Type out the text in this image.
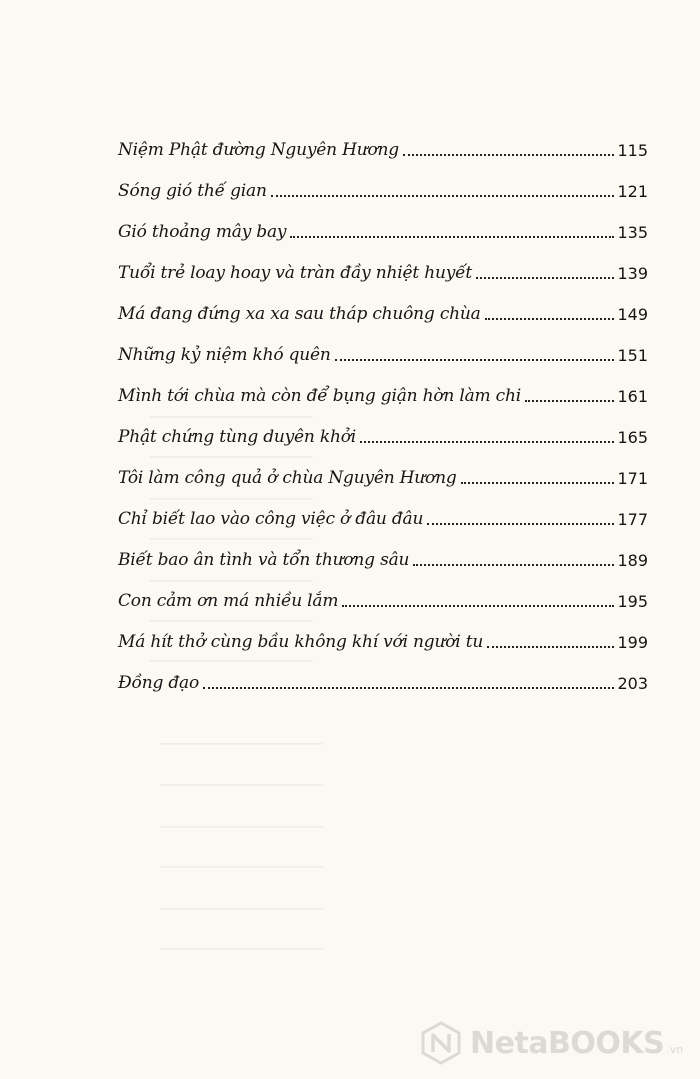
──────────────────
──────────────────
──────────────────
──────────────────
──────────────────
──────────────────
──────────────────
──────────────────
──────────────────
──────────────────
──────────────────
──────────────────
──────────────────
Niệm Phật đường Nguyên Hương	115
Sóng gió thế gian	121
Gió thoảng mây bay	135
Tuổi trẻ loay hoay và tràn đầy nhiệt huyết	139
Má đang đứng xa xa sau tháp chuông chùa	149
Những kỷ niệm khó quên	151
Mình tới chùa mà còn để bụng giận hờn làm chi	161
Phật chứng tùng duyên khởi	165
Tôi làm công quả ở chùa Nguyên Hương	171
Chỉ biết lao vào công việc ở đâu đâu	177
Biết bao ân tình và tổn thương sâu	189
Con cảm ơn má nhiều lắm	195
Má hít thở cùng bầu không khí với người tu	199
Đồng đạo	203
NetaBOOKS .vn
